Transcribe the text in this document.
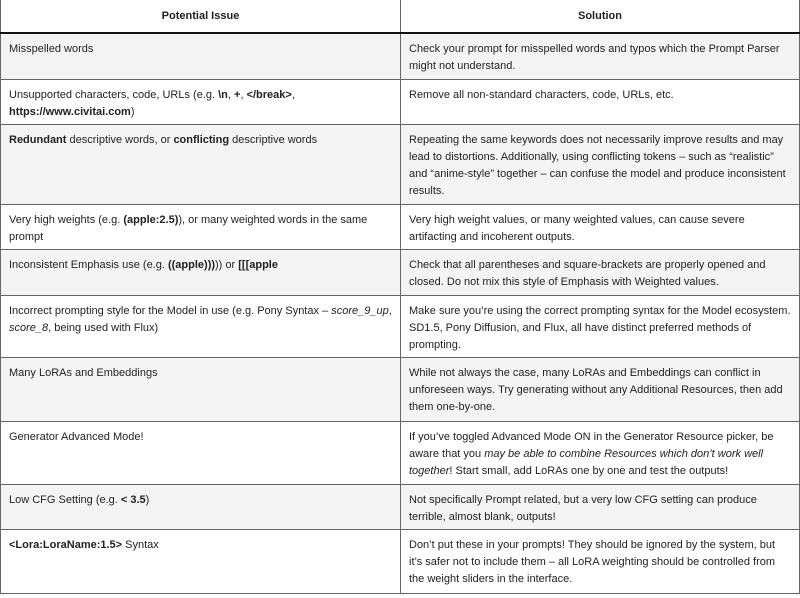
Potential Issue	Solution
Misspelled words	Check your prompt for misspelled words and typos which the Prompt Parser might not understand.
Unsupported characters, code, URLs (e.g. \n, +, </break>, https://www.civitai.com)	Remove all non-standard characters, code, URLs, etc.
Redundant descriptive words, or conflicting descriptive words	Repeating the same keywords does not necessarily improve results and may lead to distortions. Additionally, using conflicting tokens – such as “realistic” and “anime-style” together – can confuse the model and produce inconsistent results.
Very high weights (e.g. (apple:2.5)), or many weighted words in the same prompt	Very high weight values, or many weighted values, can cause severe artifacting and incoherent outputs.
Inconsistent Emphasis use (e.g. ((apple))))) or [[[apple	Check that all parentheses and square-brackets are properly opened and closed. Do not mix this style of Emphasis with Weighted values.
Incorrect prompting style for the Model in use (e.g. Pony Syntax – score_9_up, score_8, being used with Flux)	Make sure you’re using the correct prompting syntax for the Model ecosystem. SD1.5, Pony Diffusion, and Flux, all have distinct preferred methods of prompting.
Many LoRAs and Embeddings	While not always the case, many LoRAs and Embeddings can conflict in unforeseen ways. Try generating without any Additional Resources, then add them one-by-one.
Generator Advanced Mode!	If you’ve toggled Advanced Mode ON in the Generator Resource picker, be aware that you may be able to combine Resources which don’t work well together! Start small, add LoRAs one by one and test the outputs!
Low CFG Setting (e.g. < 3.5)	Not specifically Prompt related, but a very low CFG setting can produce terrible, almost blank, outputs!
<Lora:LoraName:1.5> Syntax	Don’t put these in your prompts! They should be ignored by the system, but it’s safer not to include them – all LoRA weighting should be controlled from the weight sliders in the interface.
